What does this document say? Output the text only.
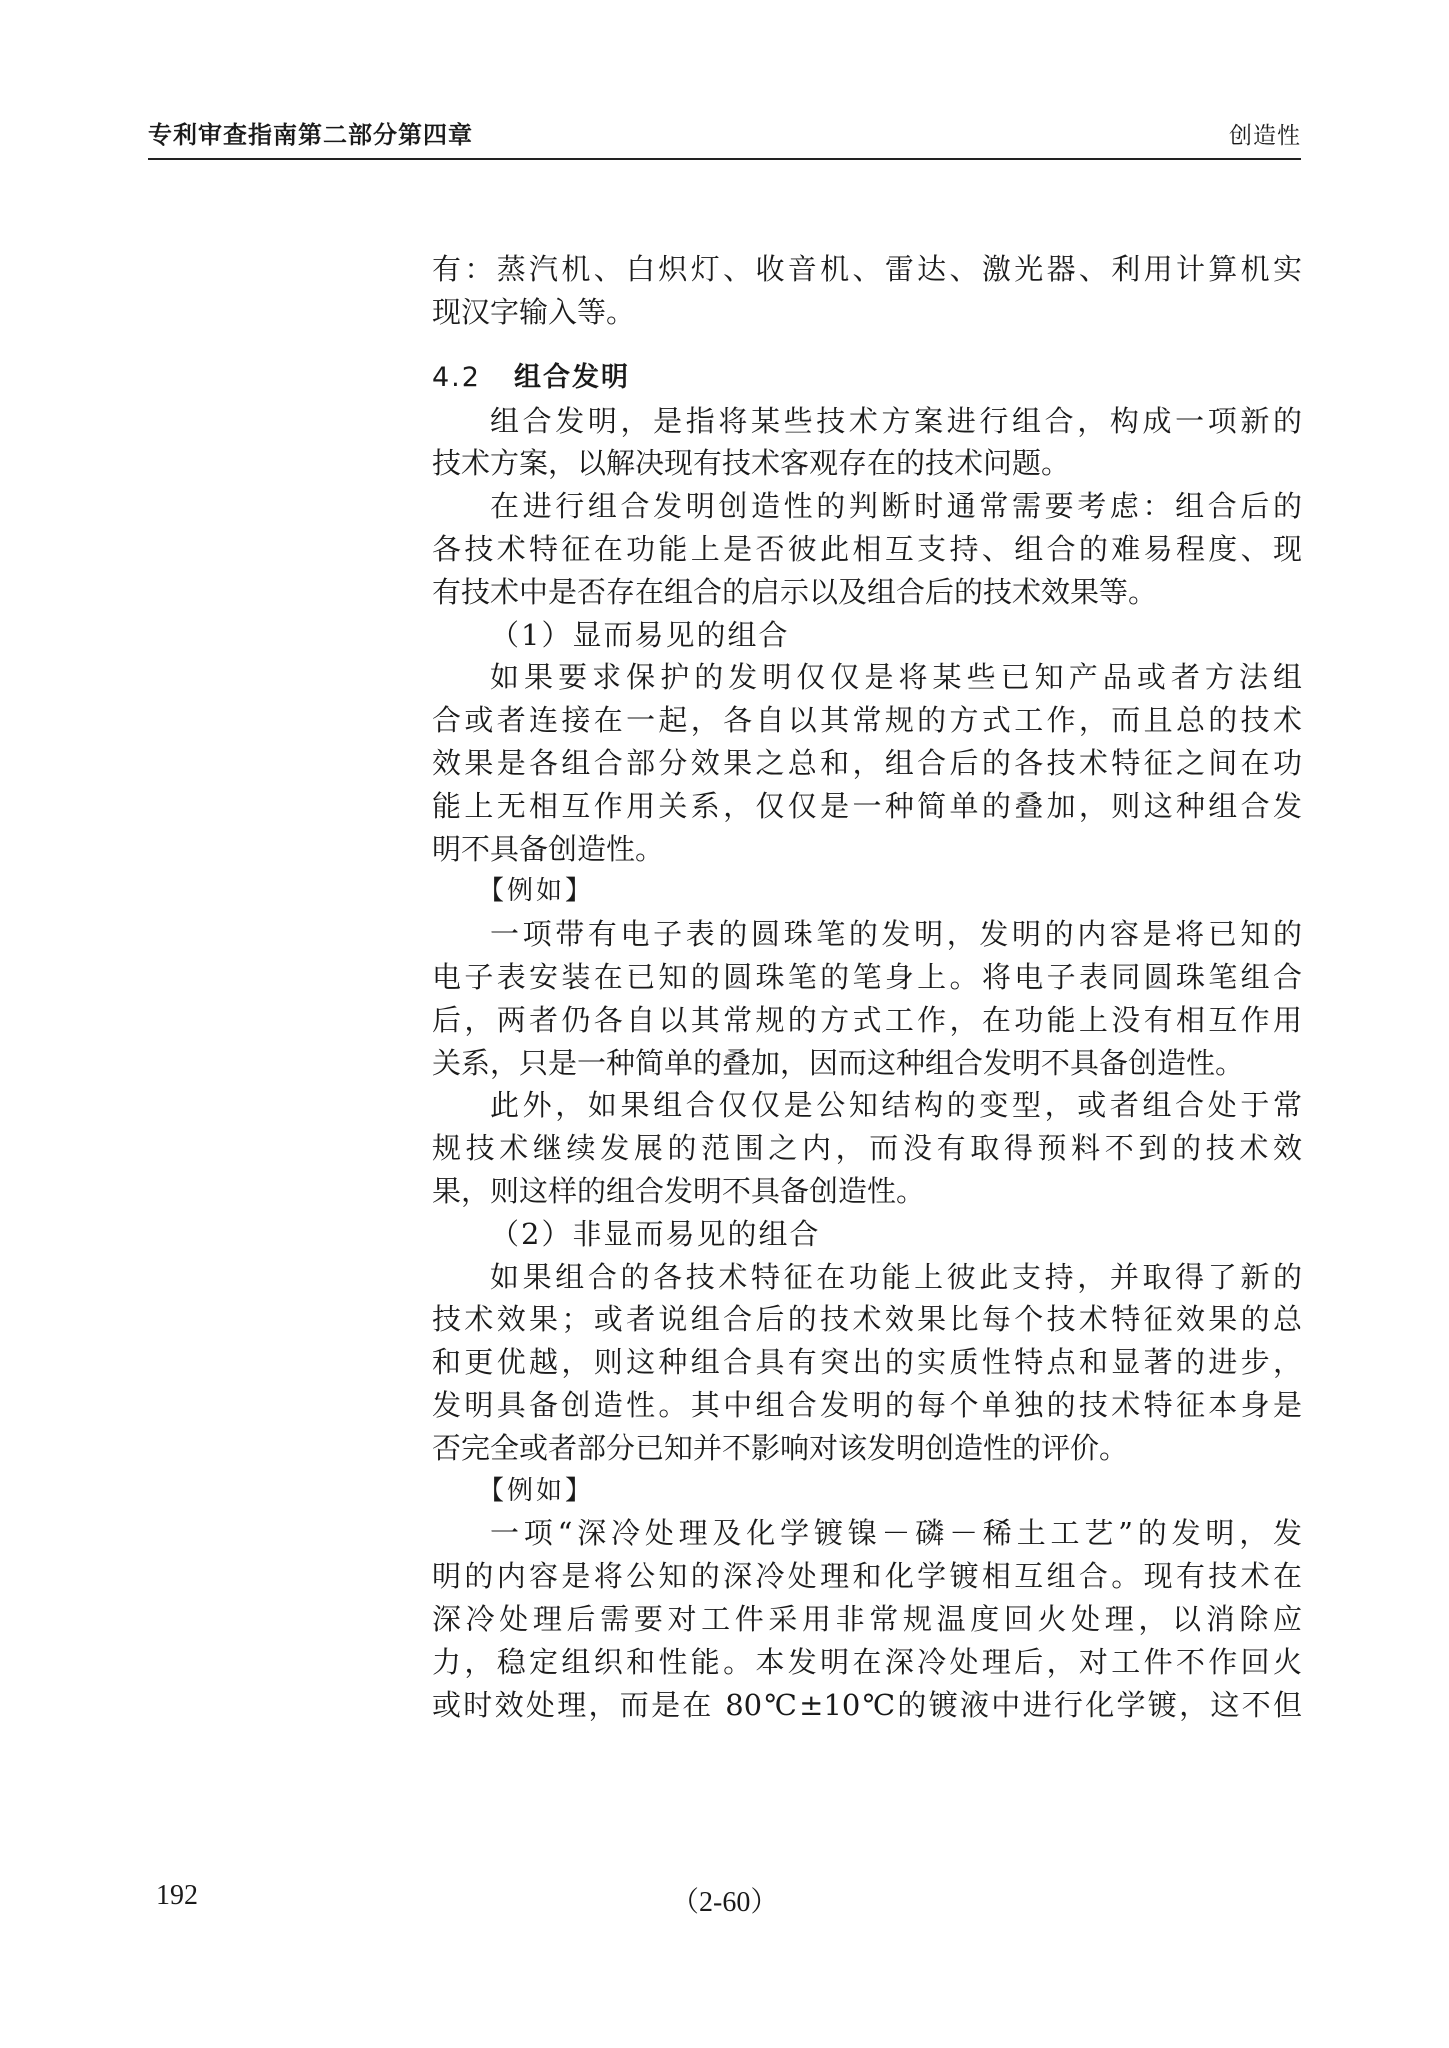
专利审查指南第二部分第四章	创造性
有：蒸汽机、白炽灯、收音机、雷达、激光器、利用计算机实
现汉字输入等。
4.2 组合发明
组合发明，是指将某些技术方案进行组合，构成一项新的
技术方案，以解决现有技术客观存在的技术问题。
在进行组合发明创造性的判断时通常需要考虑：组合后的
各技术特征在功能上是否彼此相互支持、组合的难易程度、现
有技术中是否存在组合的启示以及组合后的技术效果等。
（1）显而易见的组合
如果要求保护的发明仅仅是将某些已知产品或者方法组
合或者连接在一起，各自以其常规的方式工作，而且总的技术
效果是各组合部分效果之总和，组合后的各技术特征之间在功
能上无相互作用关系，仅仅是一种简单的叠加，则这种组合发
明不具备创造性。
【例如】
一项带有电子表的圆珠笔的发明，发明的内容是将已知的
电子表安装在已知的圆珠笔的笔身上。将电子表同圆珠笔组合
后，两者仍各自以其常规的方式工作，在功能上没有相互作用
关系，只是一种简单的叠加，因而这种组合发明不具备创造性。
此外，如果组合仅仅是公知结构的变型，或者组合处于常
规技术继续发展的范围之内，而没有取得预料不到的技术效
果，则这样的组合发明不具备创造性。
（2）非显而易见的组合
如果组合的各技术特征在功能上彼此支持，并取得了新的
技术效果；或者说组合后的技术效果比每个技术特征效果的总
和更优越，则这种组合具有突出的实质性特点和显著的进步，
发明具备创造性。其中组合发明的每个单独的技术特征本身是
否完全或者部分已知并不影响对该发明创造性的评价。
【例如】
一项“深冷处理及化学镀镍－磷－稀土工艺”的发明，发
明的内容是将公知的深冷处理和化学镀相互组合。现有技术在
深冷处理后需要对工件采用非常规温度回火处理，以消除应
力，稳定组织和性能。本发明在深冷处理后，对工件不作回火
或时效处理，而是在 80℃±10℃的镀液中进行化学镀，这不但
192	（2-60）
